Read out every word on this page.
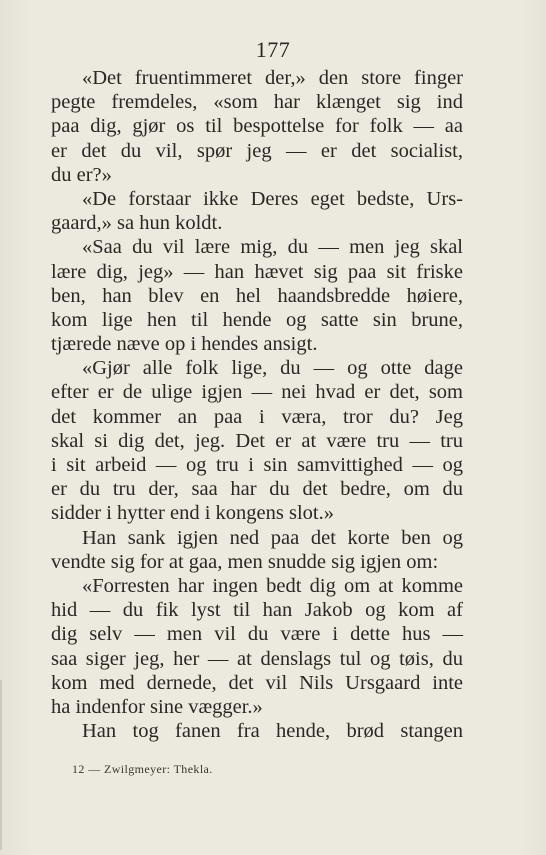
177
«Det fruentimmeret der,» den store finger
pegte fremdeles, «som har klænget sig ind
paa dig, gjør os til bespottelse for folk — aa
er det du vil, spør jeg — er det socialist,
du er?»
«De forstaar ikke Deres eget bedste, Urs-
gaard,» sa hun koldt.
«Saa du vil lære mig, du — men jeg skal
lære dig, jeg» — han hævet sig paa sit friske
ben, han blev en hel haandsbredde høiere,
kom lige hen til hende og satte sin brune,
tjærede næve op i hendes ansigt.
«Gjør alle folk lige, du — og otte dage
efter er de ulige igjen — nei hvad er det, som
det kommer an paa i væra, tror du? Jeg
skal si dig det, jeg. Det er at være tru — tru
i sit arbeid — og tru i sin samvittighed — og
er du tru der, saa har du det bedre, om du
sidder i hytter end i kongens slot.»
Han sank igjen ned paa det korte ben og
vendte sig for at gaa, men snudde sig igjen om:
«Forresten har ingen bedt dig om at komme
hid — du fik lyst til han Jakob og kom af
dig selv — men vil du være i dette hus —
saa siger jeg, her — at denslags tul og tøis, du
kom med dernede, det vil Nils Ursgaard inte
ha indenfor sine vægger.»
Han tog fanen fra hende, brød stangen
12 — Zwilgmeyer: Thekla.
